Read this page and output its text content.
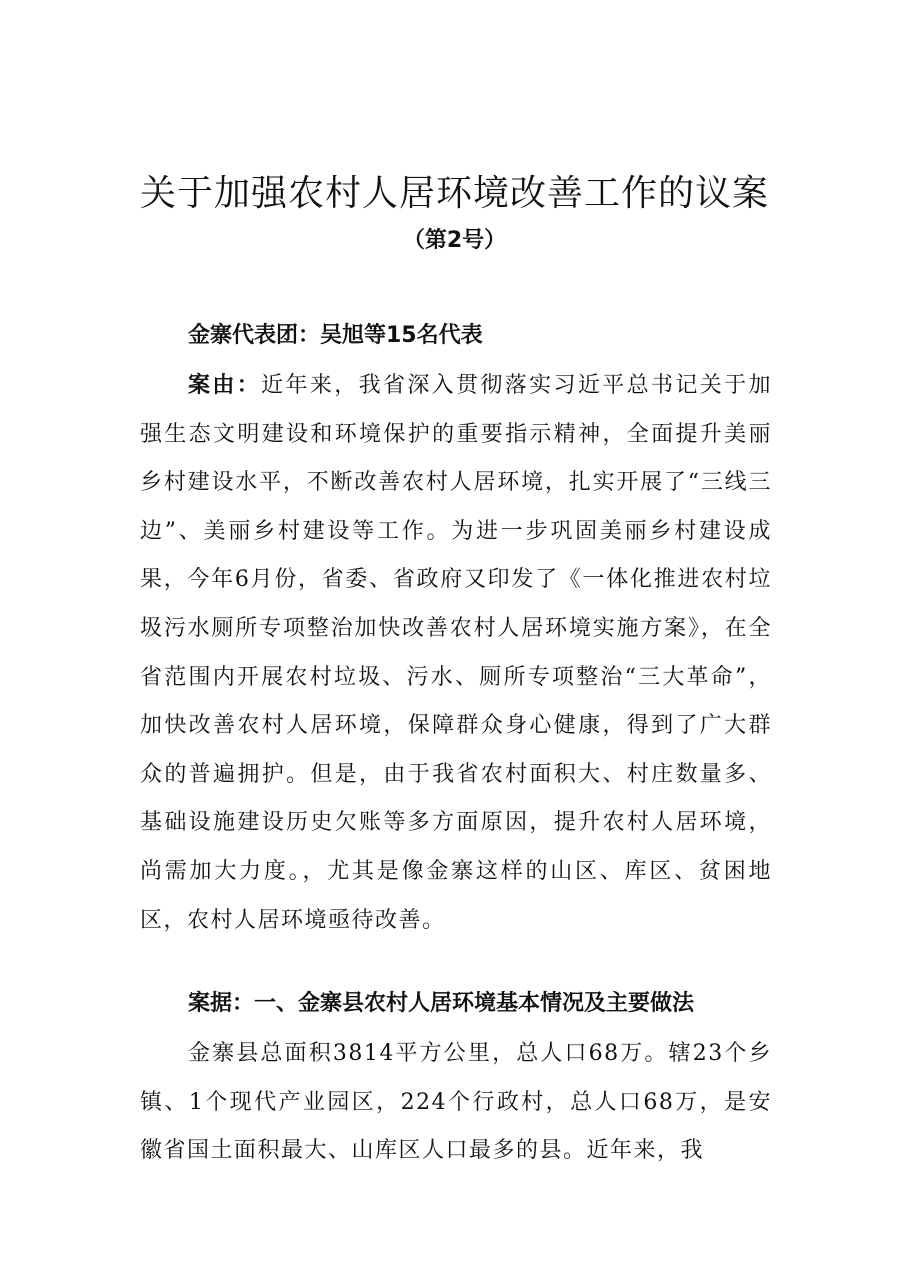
关于加强农村人居环境改善工作的议案
（第2号）
金寨代表团：吴旭等15名代表
案由：近年来，我省深入贯彻落实习近平总书记关于加强生态文明建设和环境保护的重要指示精神，全面提升美丽乡村建设水平，不断改善农村人居环境，扎实开展了“三线三边”、美丽乡村建设等工作。为进一步巩固美丽乡村建设成果，今年6月份，省委、省政府又印发了《一体化推进农村垃圾污水厕所专项整治加快改善农村人居环境实施方案》，在全省范围内开展农村垃圾、污水、厕所专项整治“三大革命”，加快改善农村人居环境，保障群众身心健康，得到了广大群众的普遍拥护。但是，由于我省农村面积大、村庄数量多、基础设施建设历史欠账等多方面原因，提升农村人居环境，尚需加大力度。，尤其是像金寨这样的山区、库区、贫困地区，农村人居环境亟待改善。
案据：一、金寨县农村人居环境基本情况及主要做法
金寨县总面积3814平方公里，总人口68万。辖23个乡镇、1个现代产业园区，224个行政村，总人口68万，是安徽省国土面积最大、山库区人口最多的县。近年来，我
